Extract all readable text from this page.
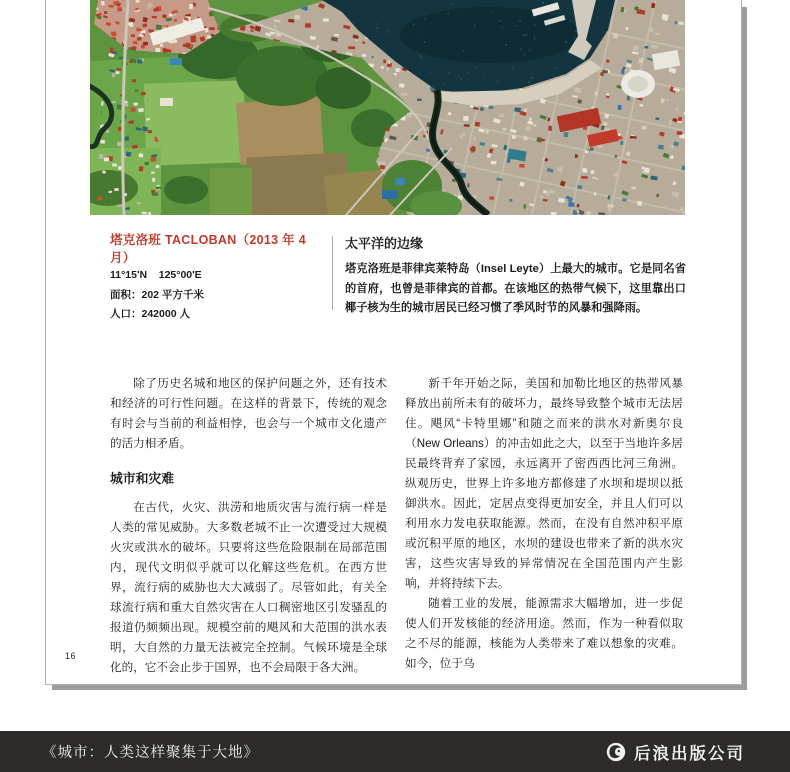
塔克洛班 TACLOBAN（2013 年 4 月）
11°15'N    125°00'E
面积：202 平方千米
人口：242000 人
太平洋的边缘
塔克洛班是菲律宾莱特岛（Insel Leyte）上最大的城市。它是同名省的首府，也曾是菲律宾的首都。在该地区的热带气候下，这里靠出口椰子核为生的城市居民已经习惯了季风时节的风暴和强降雨。

除了历史名城和地区的保护问题之外，还有技术和经济的可行性问题。在这样的背景下，传统的观念有时会与当前的利益相悖，也会与一个城市文化遗产的活力相矛盾。

城市和灾难

在古代，火灾、洪涝和地质灾害与流行病一样是人类的常见威胁。大多数老城不止一次遭受过大规模火灾或洪水的破坏。只要将这些危险限制在局部范围内，现代文明似乎就可以化解这些危机。在西方世界，流行病的威胁也大大减弱了。尽管如此，有关全球流行病和重大自然灾害在人口稠密地区引发骚乱的报道仍频频出现。规模空前的飓风和大范围的洪水表明，大自然的力量无法被完全控制。气候环境是全球化的，它不会止步于国界，也不会局限于各大洲。

新千年开始之际，美国和加勒比地区的热带风暴释放出前所未有的破坏力，最终导致整个城市无法居住。飓风“卡特里娜”和随之而来的洪水对新奥尔良（New Orleans）的冲击如此之大，以至于当地许多居民最终背弃了家园，永远离开了密西西比河三角洲。纵观历史，世界上许多地方都修建了水坝和堤坝以抵御洪水。因此，定居点变得更加安全，并且人们可以利用水力发电获取能源。然而，在没有自然冲积平原或沉积平原的地区，水坝的建设也带来了新的洪水灾害，这些灾害导致的异常情况在全国范围内产生影响，并将持续下去。

随着工业的发展，能源需求大幅增加，进一步促使人们开发核能的经济用途。然而，作为一种看似取之不尽的能源，核能为人类带来了难以想象的灾难。如今，位于乌

16
《城市：人类这样聚集于大地》	后浪出版公司
